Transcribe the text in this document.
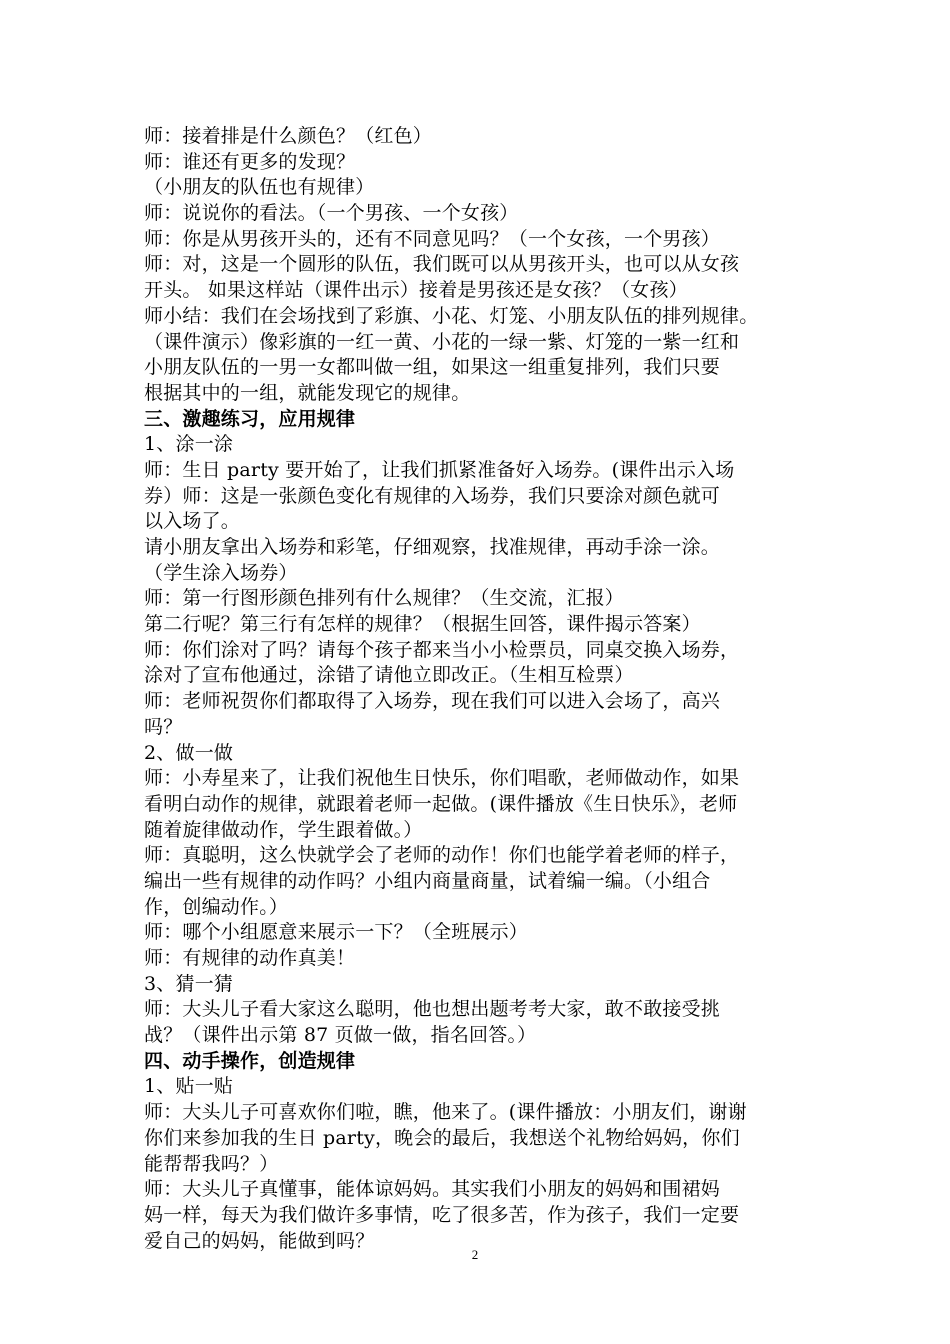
师：接着排是什么颜色？（红色）
师：谁还有更多的发现？
（小朋友的队伍也有规律）
师：说说你的看法。（一个男孩、一个女孩）
师：你是从男孩开头的，还有不同意见吗？（一个女孩，一个男孩）
师：对，这是一个圆形的队伍，我们既可以从男孩开头，也可以从女孩
开头。 如果这样站（课件出示）接着是男孩还是女孩？（女孩）
师小结：我们在会场找到了彩旗、小花、灯笼、小朋友队伍的排列规律。
（课件演示）像彩旗的一红一黄、小花的一绿一紫、灯笼的一紫一红和
小朋友队伍的一男一女都叫做一组，如果这一组重复排列，我们只要
根据其中的一组，就能发现它的规律。
三、激趣练习，应用规律
1、涂一涂
师：生日 party 要开始了，让我们抓紧准备好入场券。(课件出示入场
券）师：这是一张颜色变化有规律的入场券，我们只要涂对颜色就可
以入场了。
请小朋友拿出入场券和彩笔，仔细观察，找准规律，再动手涂一涂。
（学生涂入场券）
师：第一行图形颜色排列有什么规律？（生交流，汇报）
第二行呢？第三行有怎样的规律？（根据生回答，课件揭示答案）
师：你们涂对了吗？请每个孩子都来当小小检票员，同桌交换入场券，
涂对了宣布他通过，涂错了请他立即改正。（生相互检票）
师：老师祝贺你们都取得了入场券，现在我们可以进入会场了，高兴
吗？
2、做一做
师：小寿星来了，让我们祝他生日快乐，你们唱歌，老师做动作，如果
看明白动作的规律，就跟着老师一起做。(课件播放《生日快乐》，老师
随着旋律做动作，学生跟着做。）
师：真聪明，这么快就学会了老师的动作！你们也能学着老师的样子，
编出一些有规律的动作吗？小组内商量商量，试着编一编。（小组合
作，创编动作。）
师：哪个小组愿意来展示一下？（全班展示）
师：有规律的动作真美！
3、猜一猜
师：大头儿子看大家这么聪明，他也想出题考考大家，敢不敢接受挑
战？（课件出示第 87 页做一做，指名回答。）
四、动手操作，创造规律
1、贴一贴
师：大头儿子可喜欢你们啦，瞧，他来了。(课件播放：小朋友们，谢谢
你们来参加我的生日 party，晚会的最后，我想送个礼物给妈妈，你们
能帮帮我吗？）
师：大头儿子真懂事，能体谅妈妈。其实我们小朋友的妈妈和围裙妈
妈一样，每天为我们做许多事情，吃了很多苦，作为孩子，我们一定要
爱自己的妈妈，能做到吗？
2
